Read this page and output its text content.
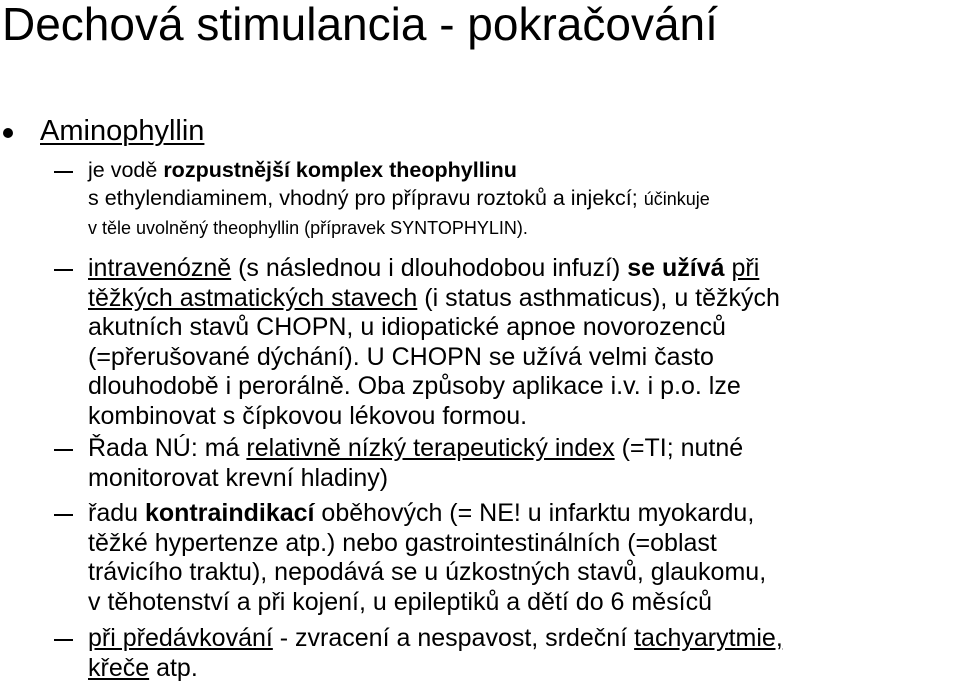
Dechová stimulancia - pokračování
Aminophyllin
je vodě rozpustnější komplex theophyllinu
s ethylendiaminem, vhodný pro přípravu roztoků a injekcí; účinkuje
v těle uvolněný theophyllin (přípravek SYNTOPHYLIN).
intravenózně (s následnou i dlouhodobou infuzí) se užívá při
těžkých astmatických stavech (i status asthmaticus), u těžkých
akutních stavů CHOPN, u idiopatické apnoe novorozenců
(=přerušované dýchání). U CHOPN se užívá velmi často
dlouhodobě i perorálně. Oba způsoby aplikace i.v. i p.o. lze
kombinovat s čípkovou lékovou formou.
Řada NÚ: má relativně nízký terapeutický index (=TI; nutné
monitorovat krevní hladiny)
řadu kontraindikací oběhových (= NE! u infarktu myokardu,
těžké hypertenze atp.) nebo gastrointestinálních (=oblast
trávicího traktu), nepodává se u úzkostných stavů, glaukomu,
v těhotenství a při kojení, u epileptiků a dětí do 6 měsíců
při předávkování - zvracení a nespavost, srdeční tachyarytmie,
křeče atp.
